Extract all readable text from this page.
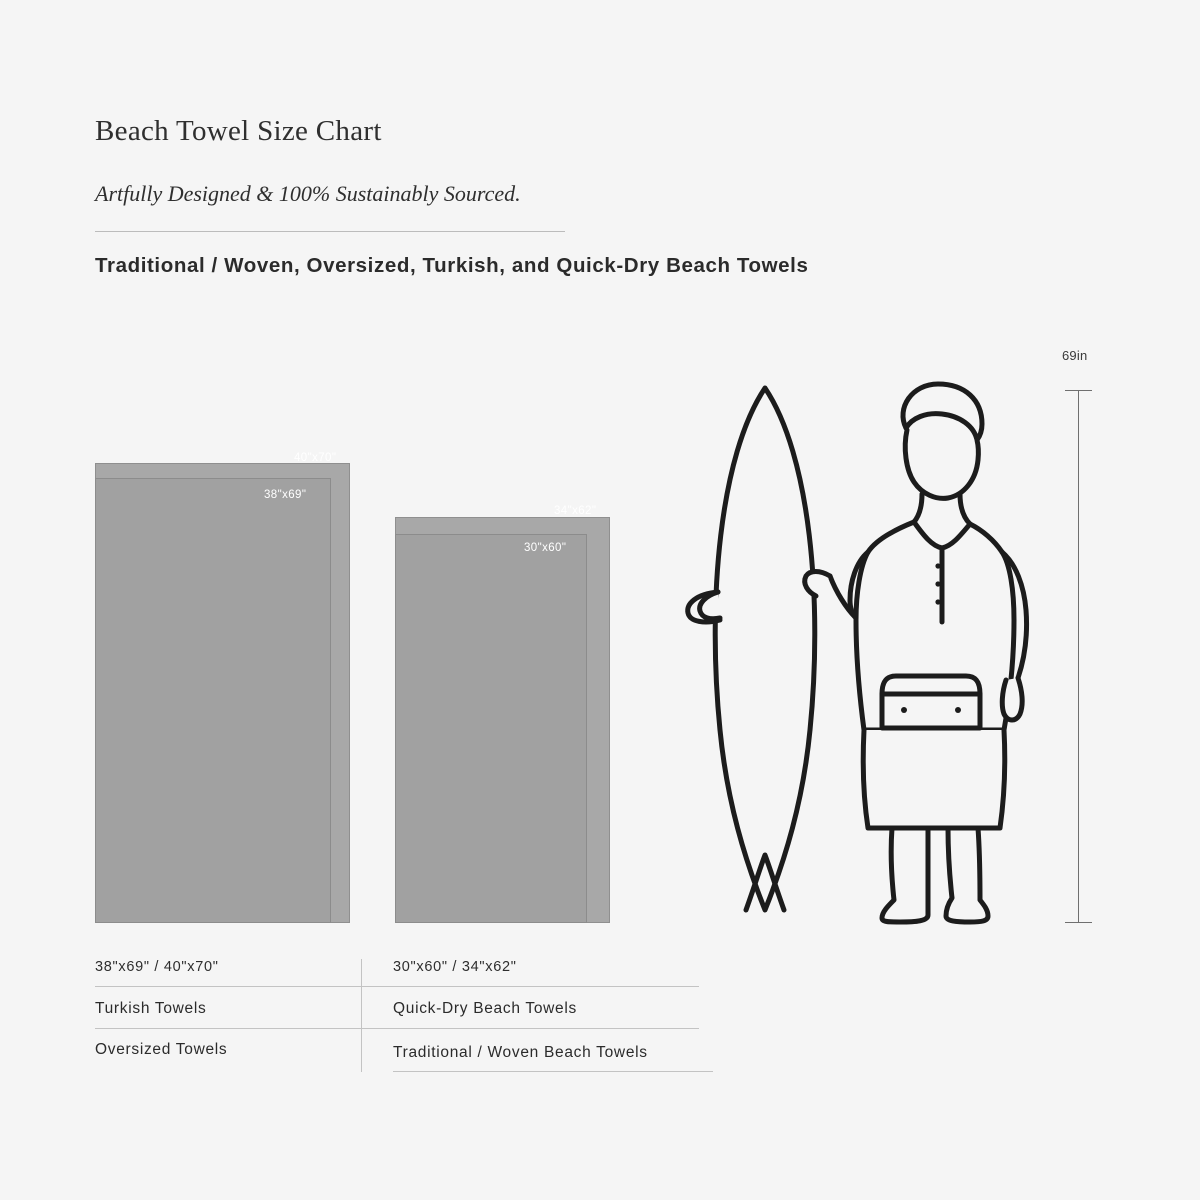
Beach Towel Size Chart
Artfully Designed & 100% Sustainably Sourced.
Traditional / Woven, Oversized, Turkish, and Quick-Dry Beach Towels
40"x70"
38"x69"
34"x62"
30"x60"
69in
38"x69" / 40"x70"	30"x60" / 34"x62"
Turkish Towels	Quick-Dry Beach Towels
Oversized Towels	Traditional / Woven Beach Towels
